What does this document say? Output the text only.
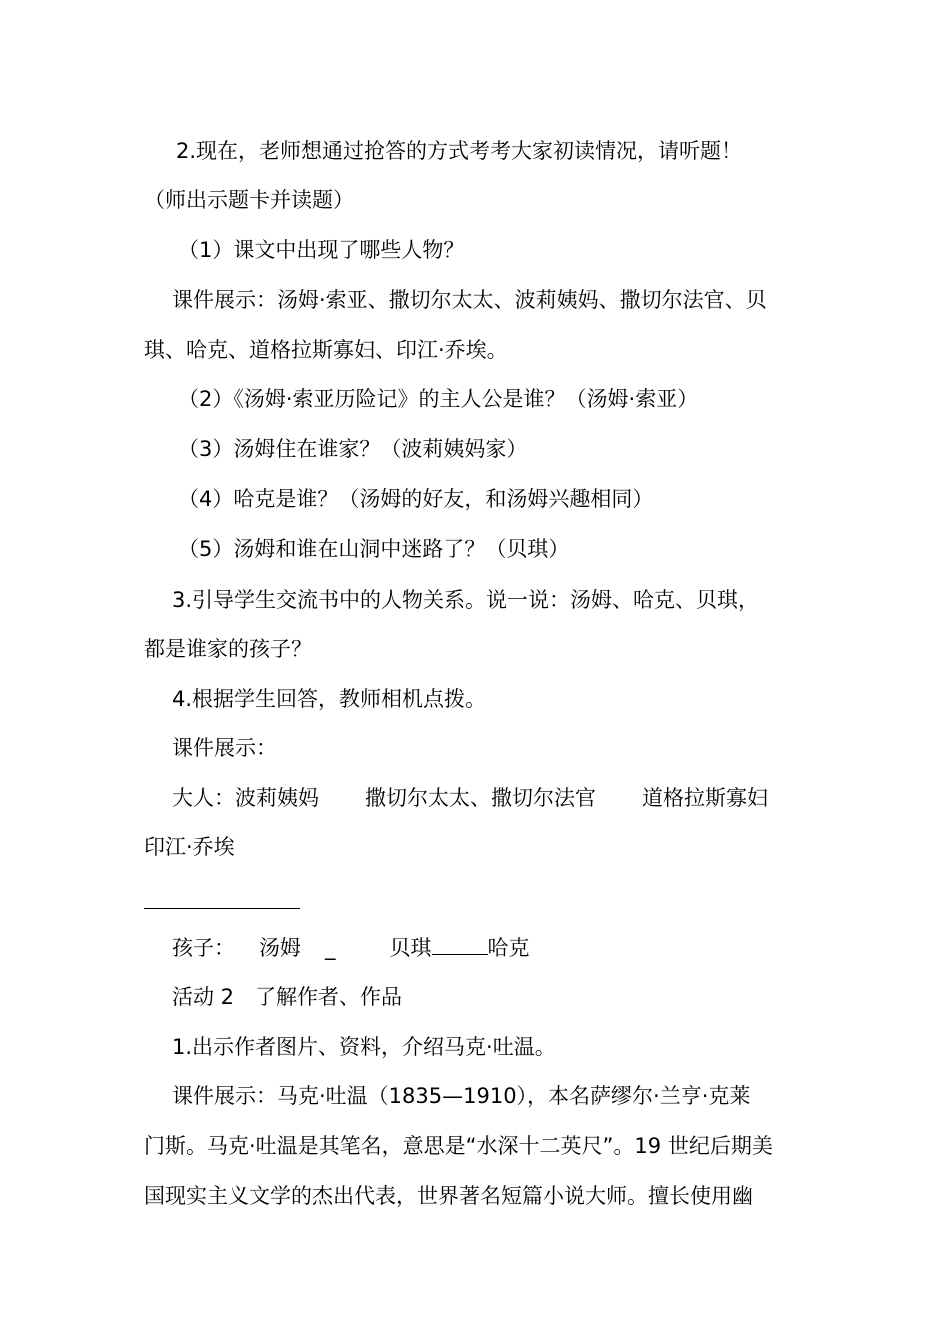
2.现在，老师想通过抢答的方式考考大家初读情况，请听题！
（师出示题卡并读题）
（1）课文中出现了哪些人物？
课件展示：汤姆·索亚、撒切尔太太、波莉姨妈、撒切尔法官、贝
琪、哈克、道格拉斯寡妇、印江·乔埃。
（2）《汤姆·索亚历险记》的主人公是谁？（汤姆·索亚）
（3）汤姆住在谁家？（波莉姨妈家）
（4）哈克是谁？（汤姆的好友，和汤姆兴趣相同）
（5）汤姆和谁在山洞中迷路了？（贝琪）
3.引导学生交流书中的人物关系。说一说：汤姆、哈克、贝琪，
都是谁家的孩子？
4.根据学生回答，教师相机点拨。
课件展示：
大人：波莉姨妈 撒切尔太太、撒切尔法官 道格拉斯寡妇
印江·乔埃
孩子： 汤姆 _	贝琪	哈克
活动 2　了解作者、作品
1.出示作者图片、资料，介绍马克·吐温。
课件展示：马克·吐温（1835—1910），本名萨缪尔·兰亨·克莱
门斯。马克·吐温是其笔名，意思是“水深十二英尺”。19 世纪后期美
国现实主义文学的杰出代表，世界著名短篇小说大师。擅长使用幽
